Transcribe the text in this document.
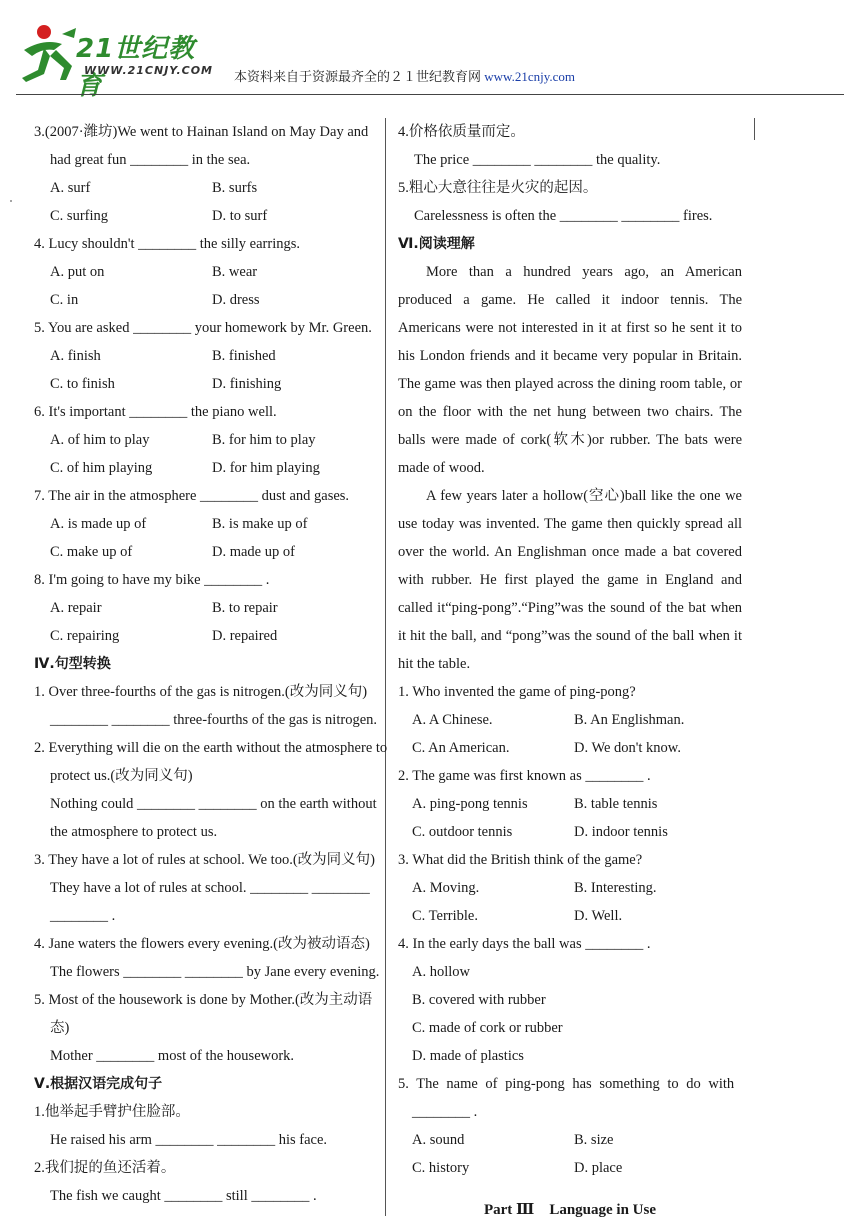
21世纪教育
WWW.21CNJY.COM 本资料来自于资源最齐全的２１世纪教育网 www.21cnjy.com
3.(2007·潍坊)We went to Hainan Island on May Day and
had great fun ________ in the sea.
A. surf	B. surfs
C. surfing	D. to surf
4. Lucy shouldn't ________ the silly earrings.
A. put on	B. wear
C. in	D. dress
5. You are asked ________ your homework by Mr. Green.
A. finish	B. finished
C. to finish	D. finishing
6. It's important ________ the piano well.
A. of him to play	B. for him to play
C. of him playing	D. for him playing
7. The air in the atmosphere ________ dust and gases.
A. is made up of	B. is make up of
C. make up of	D. made up of
8. I'm going to have my bike ________ .
A. repair	B. to repair
C. repairing	D. repaired
Ⅳ.句型转换
1. Over three-fourths of the gas is nitrogen.(改为同义句)
________ ________ three-fourths of the gas is nitrogen.
2. Everything will die on the earth without the atmosphere to
protect us.(改为同义句)
Nothing could ________ ________ on the earth without
the atmosphere to protect us.
3. They have a lot of rules at school. We too.(改为同义句)
They have a lot of rules at school. ________ ________
________ .
4. Jane waters the flowers every evening.(改为被动语态)
The flowers ________ ________ by Jane every evening.
5. Most of the housework is done by Mother.(改为主动语
态)
Mother ________ most of the housework.
Ⅴ.根据汉语完成句子
1.他举起手臂护住脸部。
He raised his arm ________ ________ his face.
2.我们捉的鱼还活着。
The fish we caught ________ still ________ .
4.价格依质量而定。
The price ________ ________ the quality.
5.粗心大意往往是火灾的起因。
Carelessness is often the ________ ________ fires.
Ⅵ.阅读理解
More than a hundred years ago, an American produced a game. He called it indoor tennis. The Americans were not interested in it at first so he sent it to his London friends and it became very popular in Britain. The game was then played across the dining room table, or on the floor with the net hung between two chairs. The balls were made of cork(软木)or rubber. The bats were made of wood.
A few years later a hollow(空心)ball like the one we use today was invented. The game then quickly spread all over the world. An Englishman once made a bat covered with rubber. He first played the game in England and called it“ping-pong”.“Ping”was the sound of the bat when it hit the ball, and “pong”was the sound of the ball when it hit the table.
1. Who invented the game of ping-pong?
A. A Chinese.	B. An Englishman.
C. An American.	D. We don't know.
2. The game was first known as ________ .
A. ping-pong tennis	B. table tennis
C. outdoor tennis	D. indoor tennis
3. What did the British think of the game?
A. Moving.	B. Interesting.
C. Terrible.	D. Well.
4. In the early days the ball was ________ .
A. hollow
B. covered with rubber
C. made of cork or rubber
D. made of plastics
5. The name of ping-pong has something to do with
________ .
A. sound	B. size
C. history	D. place
Part Ⅲ    Language in Use
